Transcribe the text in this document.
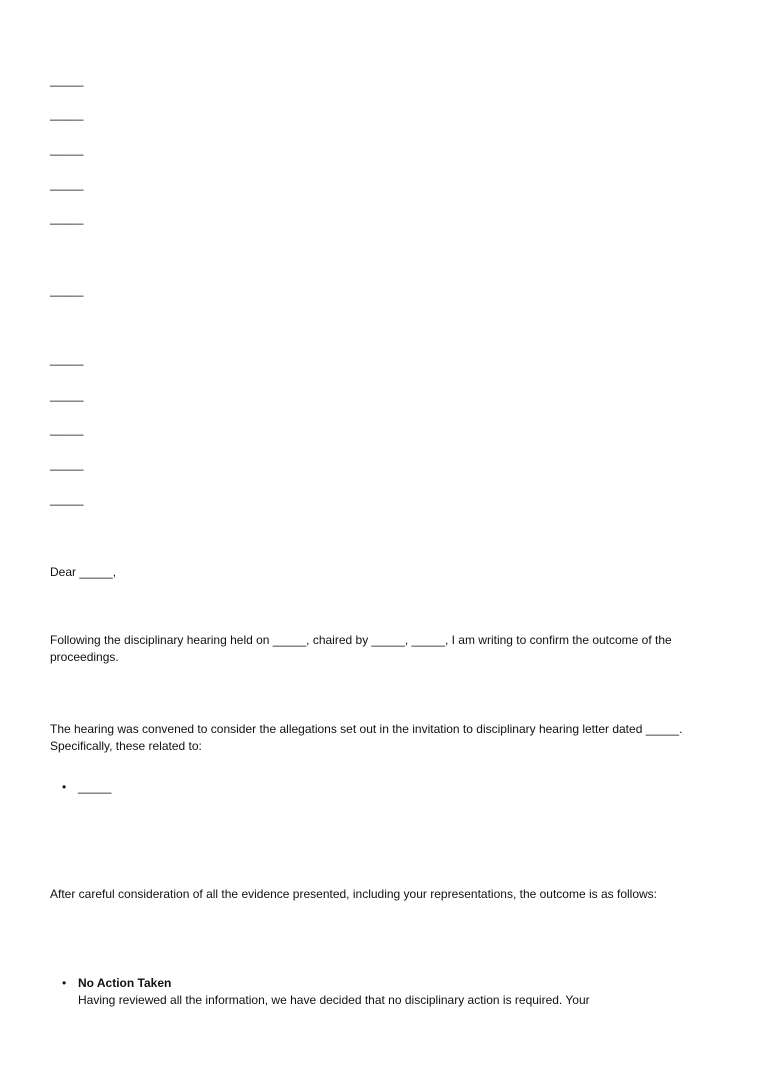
_____
_____
_____
_____
_____
_____
_____
_____
_____
_____
_____

Dear _____,

Following the disciplinary hearing held on _____, chaired by _____, _____, I am writing to confirm the outcome of the proceedings.

The hearing was convened to consider the allegations set out in the invitation to disciplinary hearing letter dated _____. Specifically, these related to:

• _____

After careful consideration of all the evidence presented, including your representations, the outcome is as follows:

• No Action Taken
Having reviewed all the information, we have decided that no disciplinary action is required. Your
